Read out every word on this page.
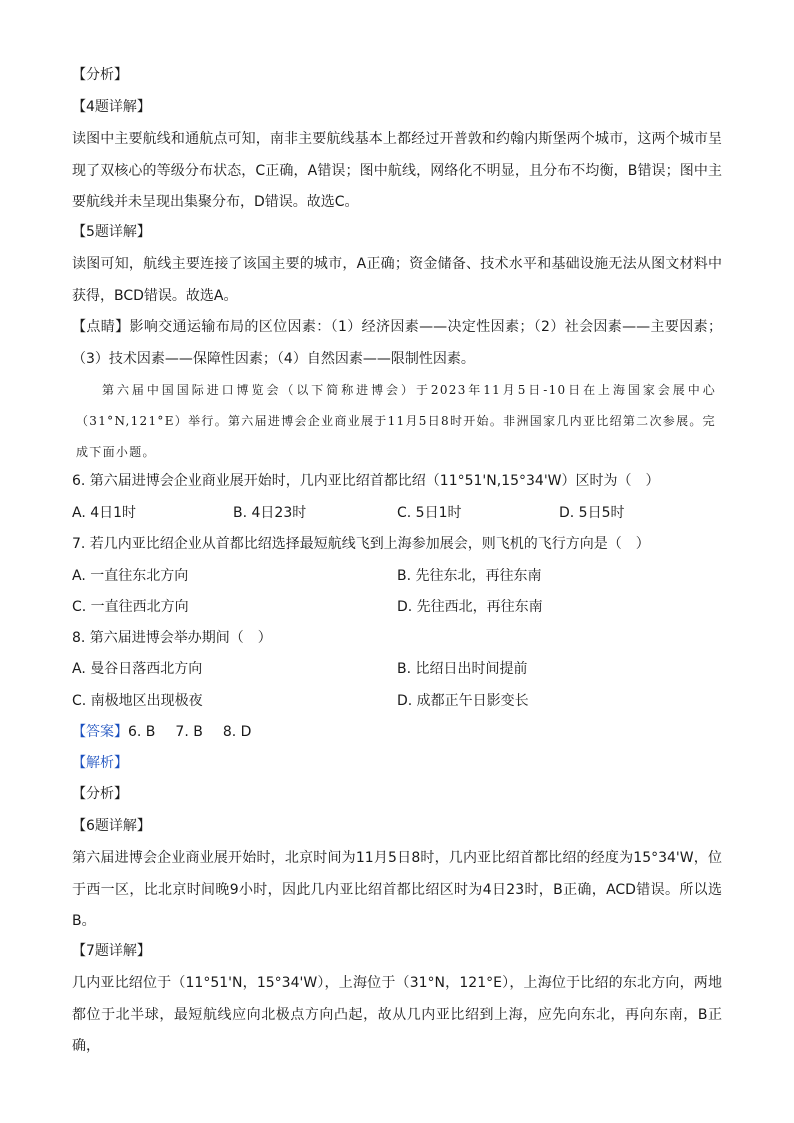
【分析】
【4题详解】
读图中主要航线和通航点可知，南非主要航线基本上都经过开普敦和约翰内斯堡两个城市，这两个城市呈现了双核心的等级分布状态，C正确，A错误；图中航线，网络化不明显，且分布不均衡，B错误；图中主要航线并未呈现出集聚分布，D错误。故选C。
【5题详解】
读图可知，航线主要连接了该国主要的城市，A正确；资金储备、技术水平和基础设施无法从图文材料中获得，BCD错误。故选A。
【点睛】影响交通运输布局的区位因素：（1）经济因素——决定性因素；（2）社会因素——主要因素；（3）技术因素——保障性因素；（4）自然因素——限制性因素。
第六届中国国际进口博览会（以下简称进博会）于2023年11月5日-10日在上海国家会展中心（31°N,121°E）举行。第六届进博会企业商业展于11月5日8时开始。非洲国家几内亚比绍第二次参展。完成下面小题。
6. 第六届进博会企业商业展开始时，几内亚比绍首都比绍（11°51'N,15°34'W）区时为（　）
A. 4日1时	B. 4日23时	C. 5日1时	D. 5日5时
7. 若几内亚比绍企业从首都比绍选择最短航线飞到上海参加展会，则飞机的飞行方向是（　）
A. 一直往东北方向	B. 先往东北，再往东南
C. 一直往西北方向	D. 先往西北，再往东南
8. 第六届进博会举办期间（　）
A. 曼谷日落西北方向	B. 比绍日出时间提前
C. 南极地区出现极夜	D. 成都正午日影变长
【答案】6. B 7. B 8. D
【解析】
【分析】
【6题详解】
第六届进博会企业商业展开始时，北京时间为11月5日8时，几内亚比绍首都比绍的经度为15°34'W，位于西一区，比北京时间晚9小时，因此几内亚比绍首都比绍区时为4日23时，B正确，ACD错误。所以选B。
【7题详解】
几内亚比绍位于（11°51'N，15°34'W），上海位于（31°N，121°E），上海位于比绍的东北方向，两地都位于北半球，最短航线应向北极点方向凸起，故从几内亚比绍到上海，应先向东北，再向东南，B正确，
